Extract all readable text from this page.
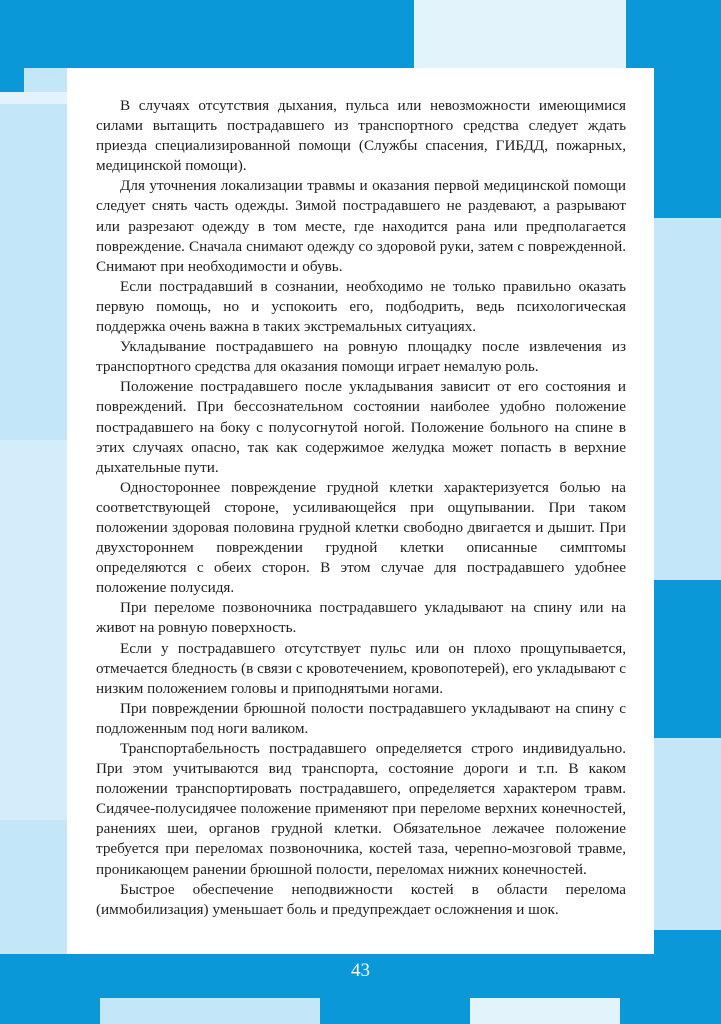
В случаях отсутствия дыхания, пульса или невозможности имеющимися силами вытащить пострадавшего из транспортного средства следует ждать приезда специализированной помощи (Службы спасения, ГИБДД, пожарных, медицинской помощи).

Для уточнения локализации травмы и оказания первой медицинской помощи следует снять часть одежды. Зимой пострадавшего не раздевают, а разрывают или разрезают одежду в том месте, где находится рана или предполагается повреждение. Сначала снимают одежду со здоровой руки, затем с поврежденной. Снимают при необходимости и обувь.

Если пострадавший в сознании, необходимо не только правильно оказать первую помощь, но и успокоить его, подбодрить, ведь психологическая поддержка очень важна в таких экстремальных ситуациях.

Укладывание пострадавшего на ровную площадку после извлечения из транспортного средства для оказания помощи играет немалую роль.

Положение пострадавшего после укладывания зависит от его состояния и повреждений. При бессознательном состоянии наиболее удобно положение пострадавшего на боку с полусогнутой ногой. Положение больного на спине в этих случаях опасно, так как содержимое желудка может попасть в верхние дыхательные пути.

Одностороннее повреждение грудной клетки характеризуется болью на соответствующей стороне, усиливающейся при ощупывании. При таком положении здоровая половина грудной клетки свободно двигается и дышит. При двухстороннем повреждении грудной клетки описанные симптомы определяются с обеих сторон. В этом случае для пострадавшего удобнее положение полусидя.

При переломе позвоночника пострадавшего укладывают на спину или на живот на ровную поверхность.

Если у пострадавшего отсутствует пульс или он плохо прощупывается, отмечается бледность (в связи с кровотечением, кровопотерей), его укладывают с низким положением головы и приподнятыми ногами.

При повреждении брюшной полости пострадавшего укладывают на спину с подложенным под ноги валиком.

Транспортабельность пострадавшего определяется строго индивидуально. При этом учитываются вид транспорта, состояние дороги и т.п. В каком положении транспортировать пострадавшего, определяется характером травм. Сидячее-полусидячее положение применяют при переломе верхних конечностей, ранениях шеи, органов грудной клетки. Обязательное лежачее положение требуется при переломах позвоночника, костей таза, черепно-мозговой травме, проникающем ранении брюшной полости, переломах нижних конечностей.

Быстрое обеспечение неподвижности костей в области перелома (иммобилизация) уменьшает боль и предупреждает осложнения и шок.

43
